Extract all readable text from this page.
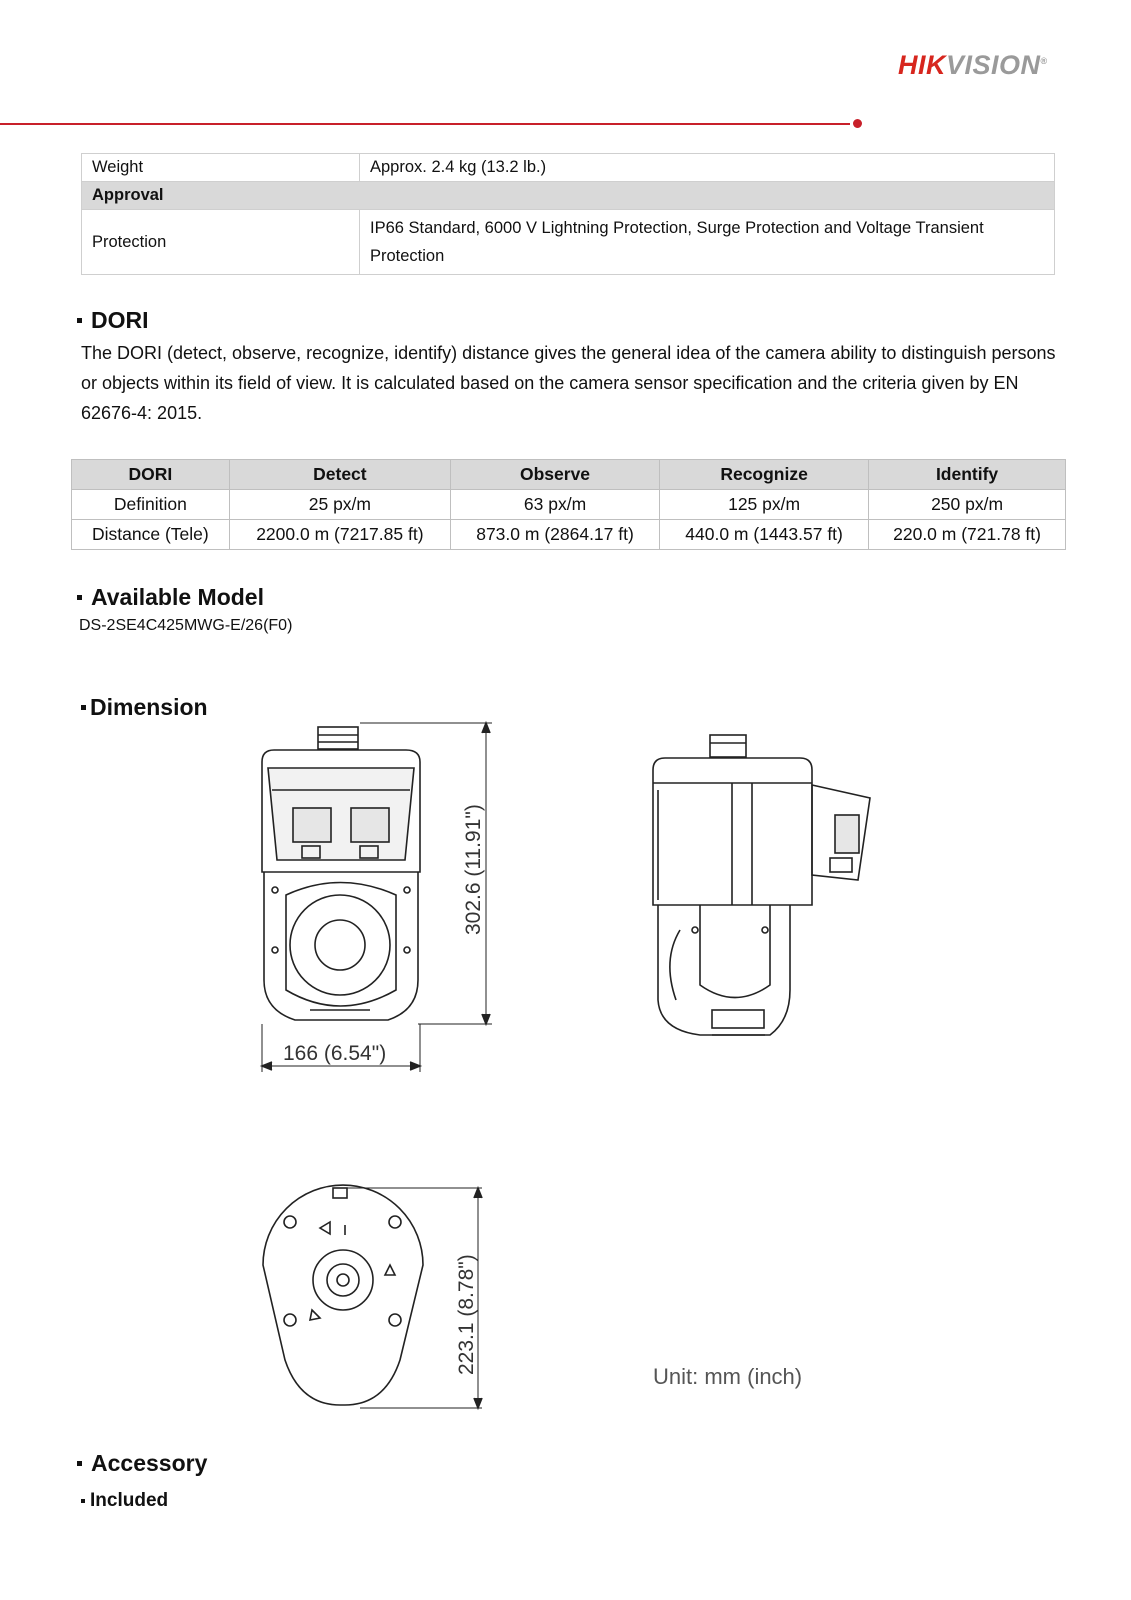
HIKVISION®
Weight	Approx. 2.4 kg (13.2 lb.)
Approval	
Protection	IP66 Standard, 6000 V Lightning Protection, Surge Protection and Voltage Transient Protection
DORI
The DORI (detect, observe, recognize, identify) distance gives the general idea of the camera ability to distinguish persons or objects within its field of view. It is calculated based on the camera sensor specification and the criteria given by EN 62676-4: 2015.
DORI	Detect	Observe	Recognize	Identify
Definition	25 px/m	63 px/m	125 px/m	250 px/m
Distance (Tele)	2200.0 m (7217.85 ft)	873.0 m (2864.17 ft)	440.0 m (1443.57 ft)	220.0 m (721.78 ft)
Available Model
DS-2SE4C425MWG-E/26(F0)
Dimension
302.6 (11.91")
166 (6.54")
223.1 (8.78")
Unit: mm (inch)
Accessory
Included
